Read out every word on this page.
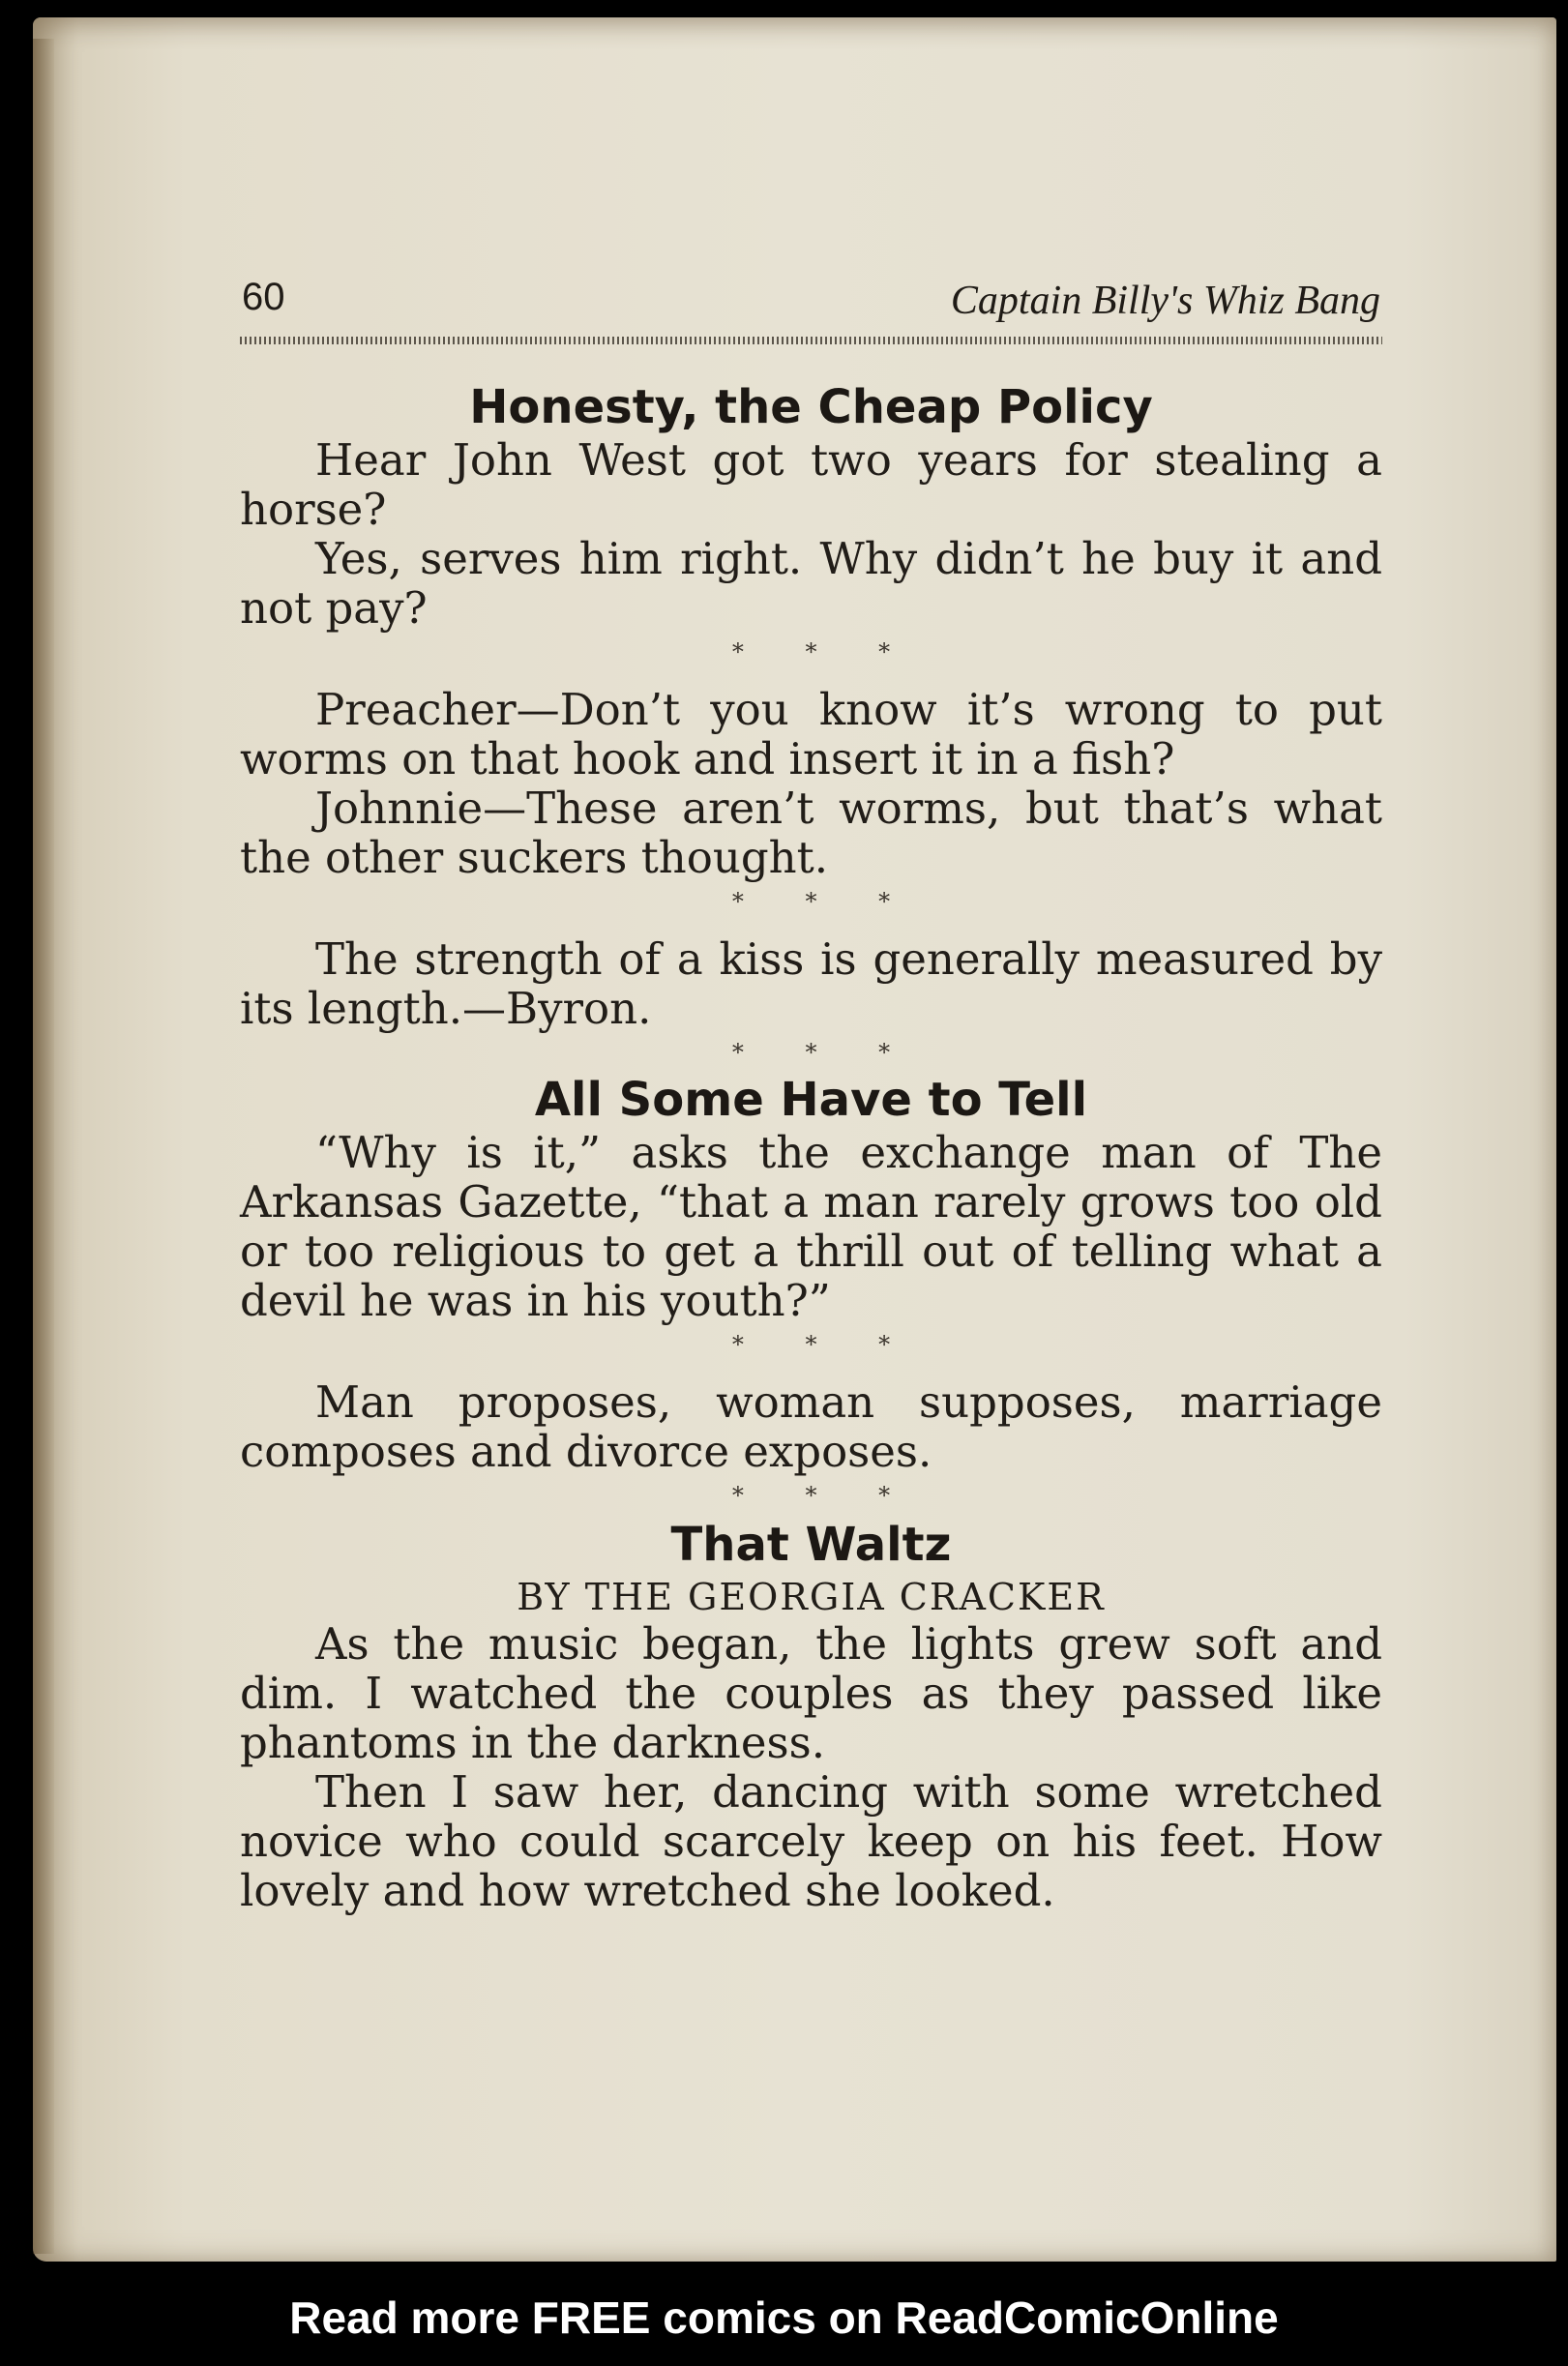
60	Captain Billy's Whiz Bang
Honesty, the Cheap Policy

Hear John West got two years for stealing a horse?

Yes, serves him right. Why didn’t he buy it and not pay?

* * *

Preacher—Don’t you know it’s wrong to put worms on that hook and insert it in a fish?

Johnnie—These aren’t worms, but that’s what the other suckers thought.

* * *

The strength of a kiss is generally measured by its length.—Byron.

* * *
All Some Have to Tell

“Why is it,” asks the exchange man of The Arkansas Gazette, “that a man rarely grows too old or too religious to get a thrill out of telling what a devil he was in his youth?”

* * *

Man proposes, woman supposes, marriage composes and divorce exposes.

* * *
That Waltz
BY THE GEORGIA CRACKER

As the music began, the lights grew soft and dim. I watched the couples as they passed like phantoms in the darkness.

Then I saw her, dancing with some wretched novice who could scarcely keep on his feet. How lovely and how wretched she looked.

Read more FREE comics on ReadComicOnline
